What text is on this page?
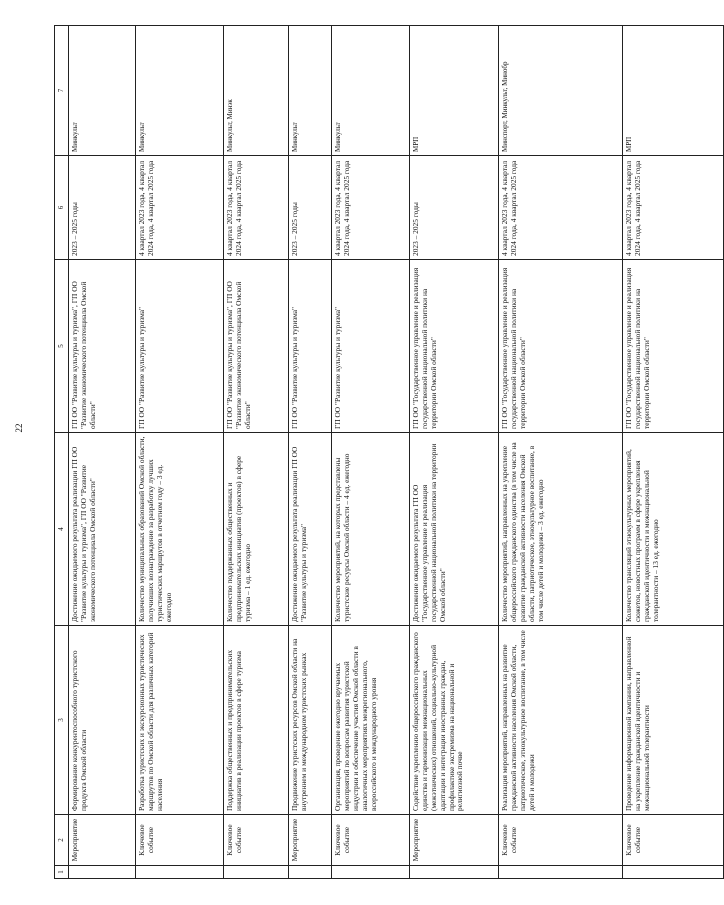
22
1	2	3	4	5	6	7
	Мероприятие	Формирование конкурентоспособного туристского продукта Омской области	Достижение ожидаемого результата реализации ГП ОО "Развитие культуры и туризма", ГП ОО "Развитие экономического потенциала Омской области"	ГП ОО "Развитие культуры и туризма", ГП ОО "Развитие экономического потенциала Омской области"	2023 – 2025 годы	Минкульт
	Ключевое событие	Разработка туристских и экскурсионных туристических маршрутов по Омской области для различных категорий населения	Количество муниципальных образований Омской области, получивших вознаграждение за разработку лучших туристических маршрутов в отчетном году – 3 ед. ежегодно	ГП ОО "Развитие культуры и туризма"	4 квартал 2023 года, 4 квартал 2024 года, 4 квартал 2025 года	Минкульт
	Ключевое событие	Поддержка общественных и предпринимательских инициатив в реализации проектов в сфере туризма	Количество поддержанных общественных и предпринимательских инициатив (проектов) в сфере туризма – 1 ед. ежегодно	ГП ОО "Развитие культуры и туризма", ГП ОО "Развитие экономического потенциала Омской области"	4 квартал 2023 года, 4 квартал 2024 года, 4 квартал 2025 года	Минкульт, Минэк
	Мероприятие	Продвижение туристских ресурсов Омской области на внутреннем и международном туристских рынках	Достижение ожидаемого результата реализации ГП ОО "Развитие культуры и туризма"	ГП ОО "Развитие культуры и туризма"	2023 – 2025 годы	Минкульт
	Ключевое событие	Организация, проведение ежегодно вручаемых мероприятий по вопросам развития туристской индустрии и обеспечение участия Омской области в аналогичных мероприятиях межрегионального, всероссийского и международного уровня	Количество мероприятий, на которых представлены туристские ресурсы Омской области – 4 ед. ежегодно	ГП ОО "Развитие культуры и туризма"	4 квартал 2023 года, 4 квартал 2024 года, 4 квартал 2025 года	Минкульт
	Мероприятие	Содействие укреплению общероссийского гражданского единства и гармонизации межнациональных (межэтнических) отношений, социально-культурной адаптации и интеграции иностранных граждан, профилактике экстремизма на национальной и религиозной почве	Достижение ожидаемого результата ГП ОО "Государственное управление и реализация государственной национальной политики на территории Омской области"	ГП ОО "Государственное управление и реализация государственной национальной политики на территории Омской области"	2023 – 2025 годы	МРП
	Ключевое событие	Реализация мероприятий, направленных на развитие гражданской активности населения Омской области, патриотическое, этнокультурное воспитание, в том числе детей и молодежи	Количество мероприятий, направленных на укрепление общероссийского гражданского единства (в том числе на развитие гражданской активности населения Омской области, патриотическое, этнокультурное воспитание, в том числе детей и молодежи – 3 ед. ежегодно	ГП ОО "Государственное управление и реализация государственной национальной политики на территории Омской области"	4 квартал 2023 года, 4 квартал 2024 года, 4 квартал 2025 года	Минспорт, Минкульт, Минобр
	Ключевое событие	Проведение информационной кампании, направленной на укрепление гражданской идентичности и межнациональной толерантности	Количество трансляций этнокультурных мероприятий, сюжетов, новостных программ в сфере укрепления гражданской идентичности и межнациональной толерантности – 13 ед. ежегодно	ГП ОО "Государственное управление и реализация государственной национальной политики на территории Омской области"	4 квартал 2023 года, 4 квартал 2024 года, 4 квартал 2025 года	МРП
